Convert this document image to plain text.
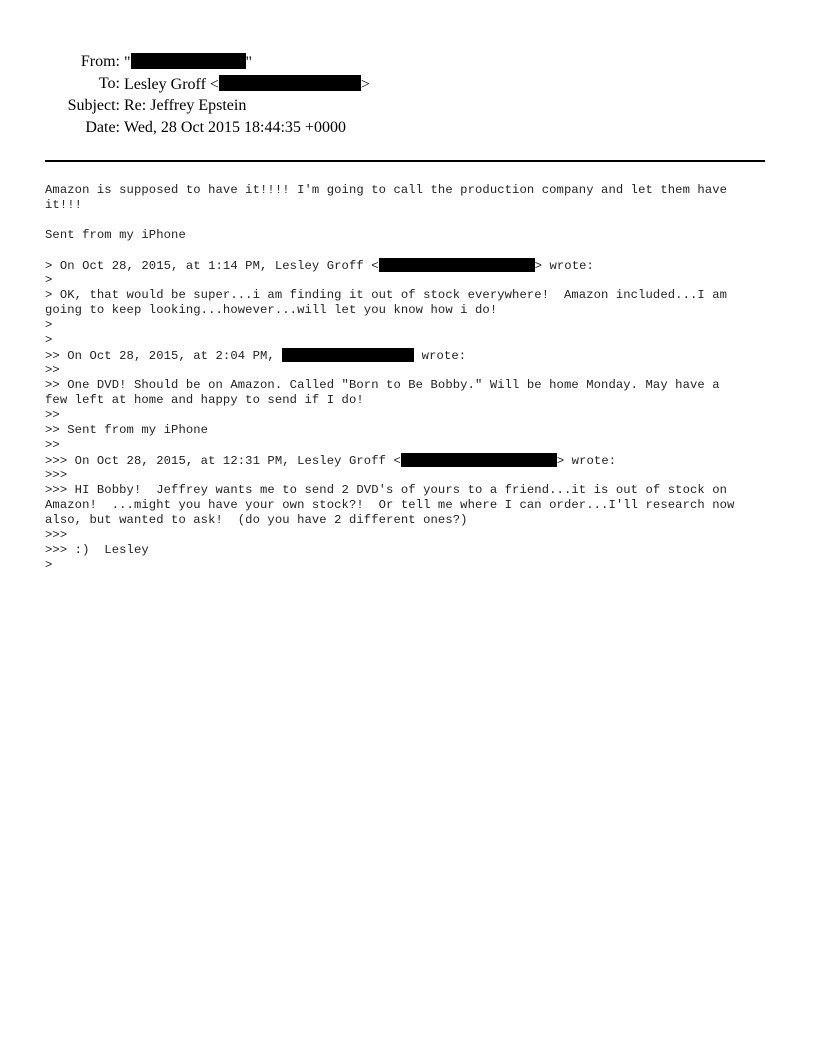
From: "	"
To: Lesley Groff <	>
Subject: Re: Jeffrey Epstein
Date: Wed, 28 Oct 2015 18:44:35 +0000
Amazon is supposed to have it!!!! I'm going to call the production company and let them have
it!!!
Sent from my iPhone
> On Oct 28, 2015, at 1:14 PM, Lesley Groff <	> wrote:
>
> OK, that would be super...i am finding it out of stock everywhere!  Amazon included...I am
going to keep looking...however...will let you know how i do!
>
>
>> On Oct 28, 2015, at 2:04 PM,	wrote:
>>
>> One DVD! Should be on Amazon. Called "Born to Be Bobby." Will be home Monday. May have a
few left at home and happy to send if I do!
>>
>> Sent from my iPhone
>>
>>> On Oct 28, 2015, at 12:31 PM, Lesley Groff <	> wrote:
>>>
>>> HI Bobby!  Jeffrey wants me to send 2 DVD's of yours to a friend...it is out of stock on
Amazon!  ...might you have your own stock?!  Or tell me where I can order...I'll research now
also, but wanted to ask!  (do you have 2 different ones?)
>>>
>>> :)  Lesley
>
